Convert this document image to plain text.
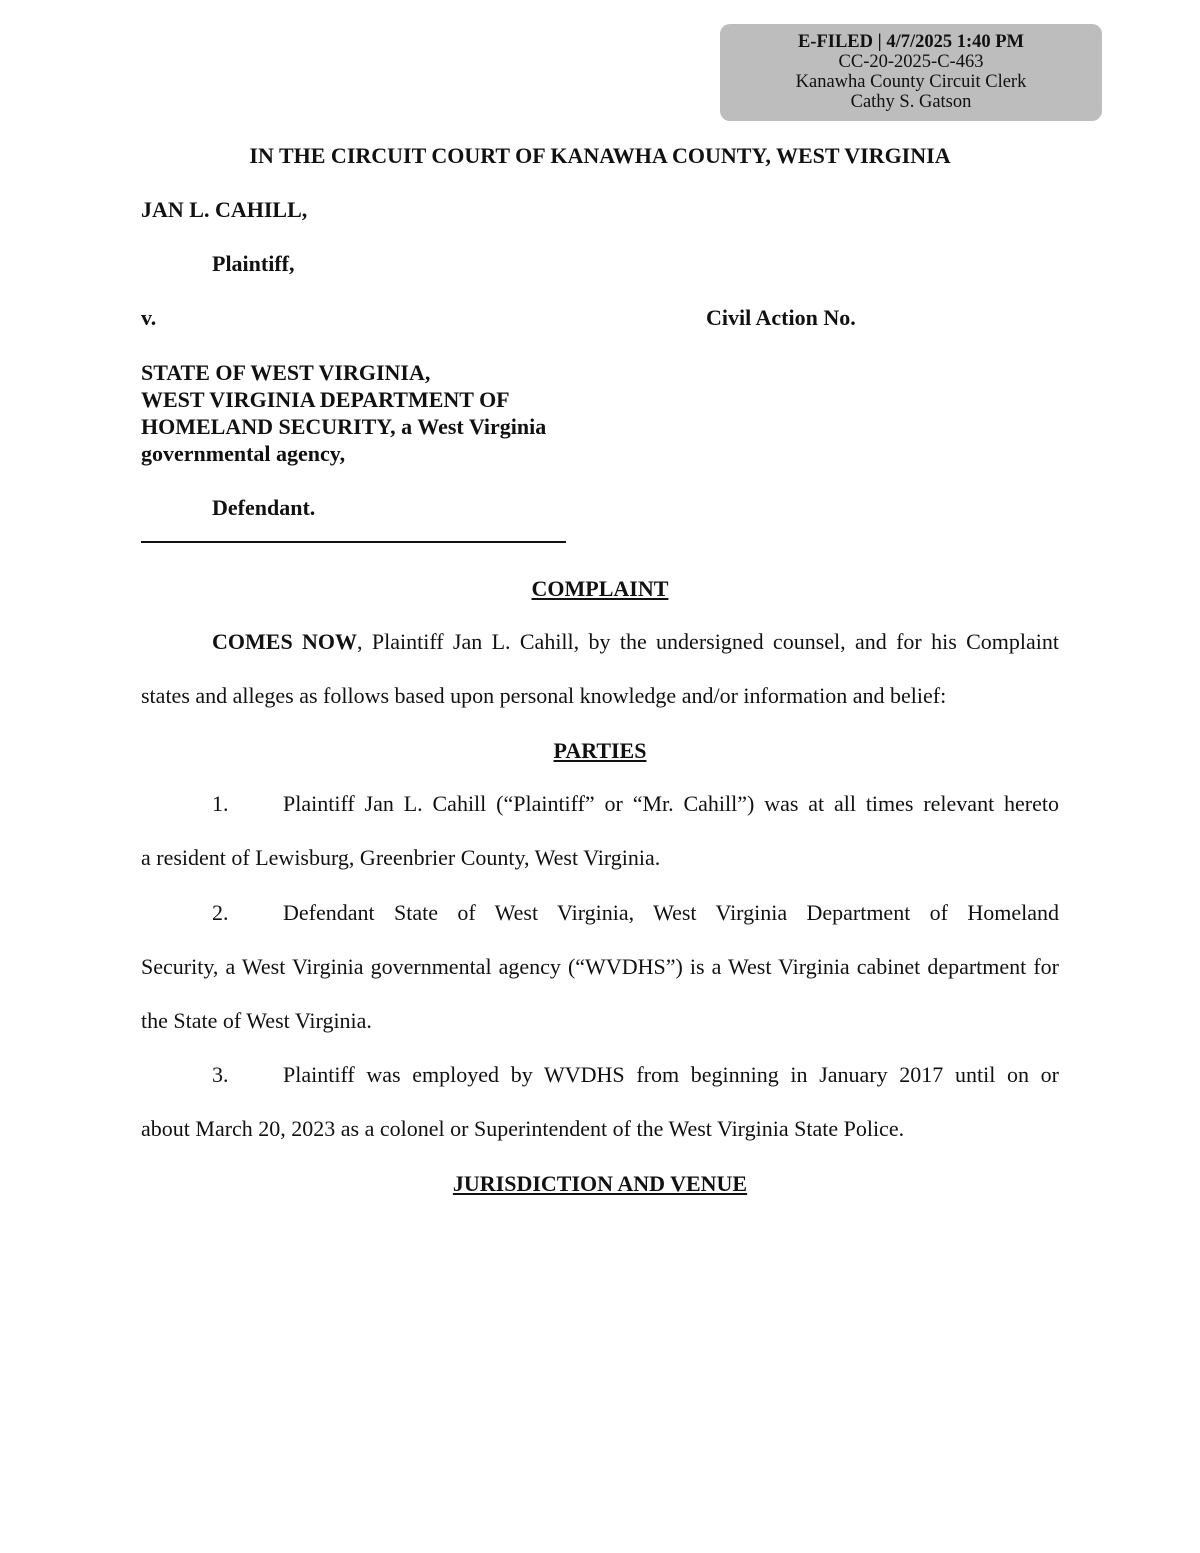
E-FILED | 4/7/2025 1:40 PM
CC-20-2025-C-463
Kanawha County Circuit Clerk
Cathy S. Gatson
IN THE CIRCUIT COURT OF KANAWHA COUNTY, WEST VIRGINIA
JAN L. CAHILL,
Plaintiff,
v.	Civil Action No.
STATE OF WEST VIRGINIA,
WEST VIRGINIA DEPARTMENT OF
HOMELAND SECURITY, a West Virginia
governmental agency,
Defendant.
COMPLAINT
COMES NOW, Plaintiff Jan L. Cahill, by the undersigned counsel, and for his Complaint
states and alleges as follows based upon personal knowledge and/or information and belief:
PARTIES
1. Plaintiff Jan L. Cahill (“Plaintiff” or “Mr. Cahill”) was at all times relevant hereto
a resident of Lewisburg, Greenbrier County, West Virginia.
2. Defendant State of West Virginia, West Virginia Department of Homeland
Security, a West Virginia governmental agency (“WVDHS”) is a West Virginia cabinet department for the State of West Virginia.
3. Plaintiff was employed by WVDHS from beginning in January 2017 until on or
about March 20, 2023 as a colonel or Superintendent of the West Virginia State Police.
JURISDICTION AND VENUE
